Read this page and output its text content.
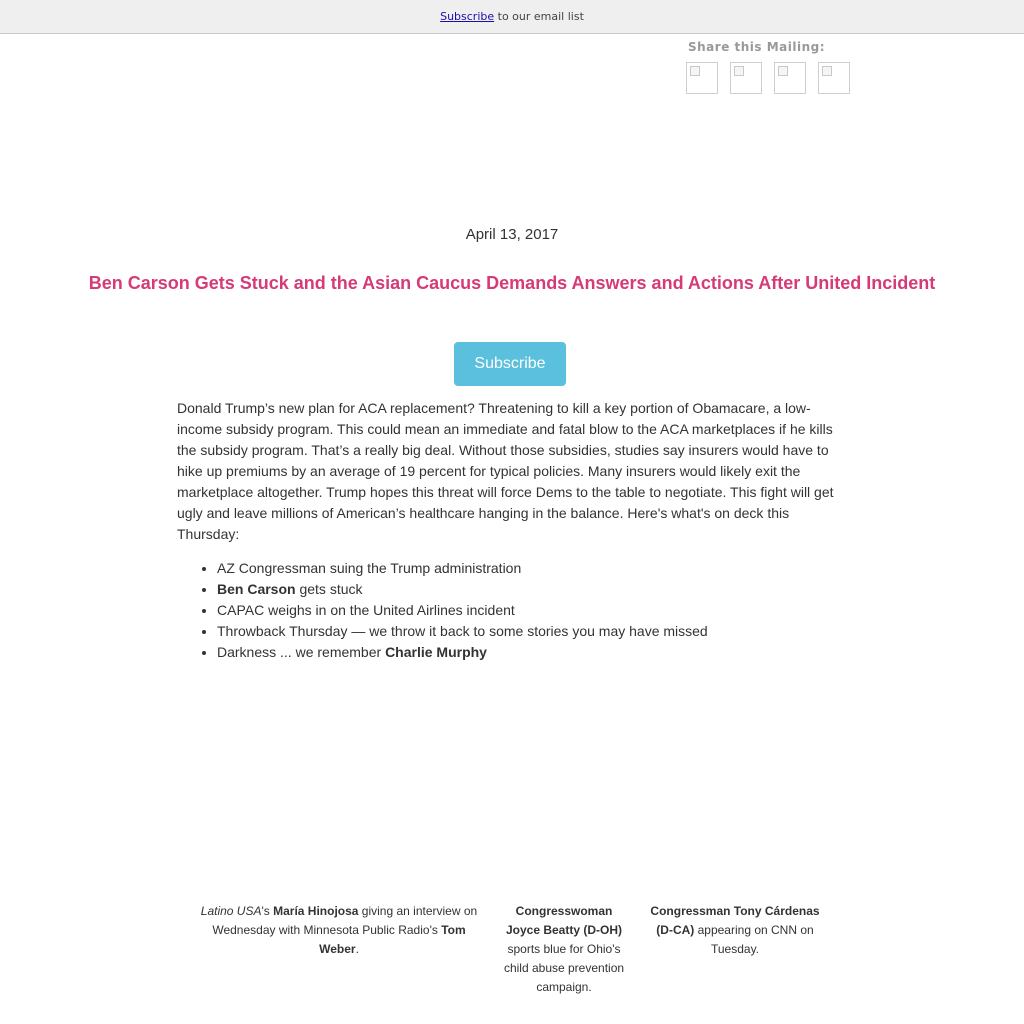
Subscribe to our email list
Share this Mailing:
April 13, 2017
Ben Carson Gets Stuck and the Asian Caucus Demands Answers and Actions After United Incident
Subscribe

Donald Trump’s new plan for ACA replacement? Threatening to kill a key portion of Obamacare, a low-income subsidy program. This could mean an immediate and fatal blow to the ACA marketplaces if he kills the subsidy program. That’s a really big deal. Without those subsidies, studies say insurers would have to hike up premiums by an average of 19 percent for typical policies. Many insurers would likely exit the marketplace altogether. Trump hopes this threat will force Dems to the table to negotiate. This fight will get ugly and leave millions of American’s healthcare hanging in the balance. Here's what's on deck this Thursday:

• AZ Congressman suing the Trump administration
• Ben Carson gets stuck
• CAPAC weighs in on the United Airlines incident
• Throwback Thursday — we throw it back to some stories you may have missed
• Darkness ... we remember Charlie Murphy
Latino USA's María Hinojosa giving an interview on Wednesday with Minnesota Public Radio's Tom Weber.
Congresswoman Joyce Beatty (D-OH) sports blue for Ohio's child abuse prevention campaign.
Congressman Tony Cárdenas (D-CA) appearing on CNN on Tuesday.
